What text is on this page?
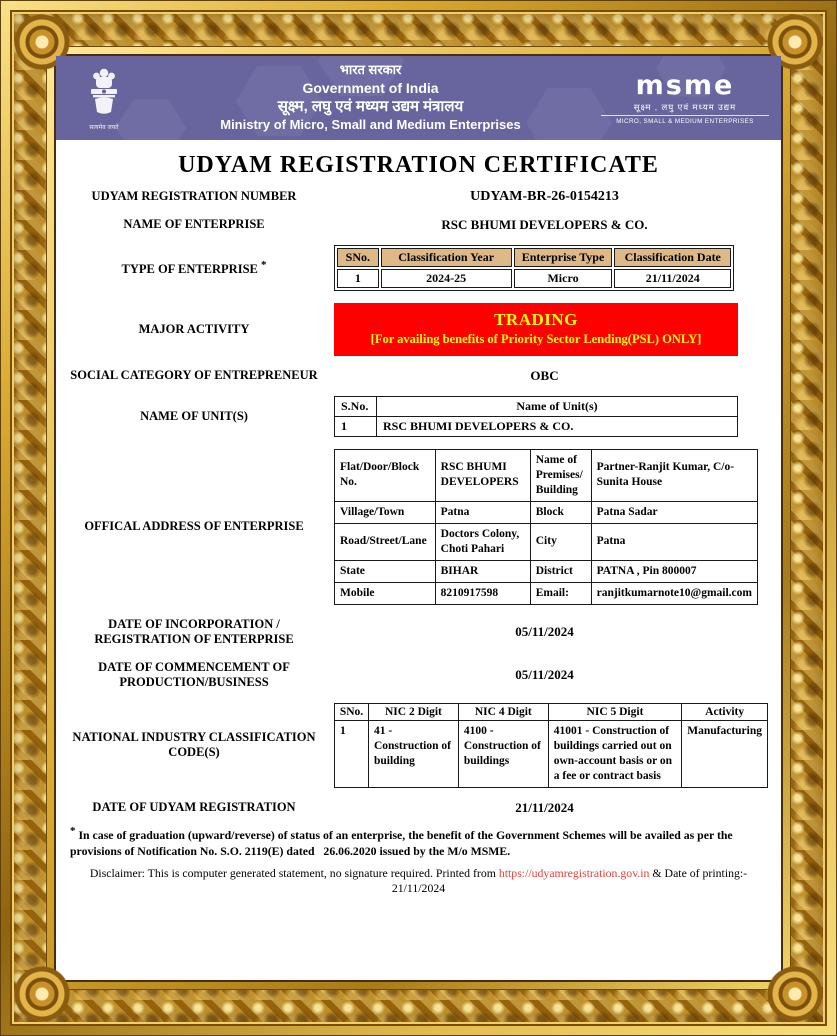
सत्यमेव जयते
भारत सरकार
Government of India
सूक्ष्म, लघु एवं मध्यम उद्यम मंत्रालय
Ministry of Micro, Small and Medium Enterprises
msme
सूक्ष्म , लघु एवं मध्यम उद्यम
MICRO, SMALL & MEDIUM ENTERPRISES
UDYAM REGISTRATION CERTIFICATE
UDYAM REGISTRATION NUMBER	UDYAM-BR-26-0154213
NAME OF ENTERPRISE	RSC BHUMI DEVELOPERS & CO.
TYPE OF ENTERPRISE *
SNo.	Classification Year	Enterprise Type	Classification Date
1	2024-25	Micro	21/11/2024
MAJOR ACTIVITY	TRADING
[For availing benefits of Priority Sector Lending(PSL) ONLY]
SOCIAL CATEGORY OF ENTREPRENEUR	OBC
NAME OF UNIT(S)
S.No.	Name of Unit(s)
1	RSC BHUMI DEVELOPERS & CO.
OFFICAL ADDRESS OF ENTERPRISE
Flat/Door/Block No.	RSC BHUMI DEVELOPERS	Name of Premises/ Building	Partner-Ranjit Kumar, C/o-Sunita House
Village/Town	Patna	Block	Patna Sadar
Road/Street/Lane	Doctors Colony, Choti Pahari	City	Patna
State	BIHAR	District	PATNA , Pin 800007
Mobile	8210917598	Email:	ranjitkumarnote10@gmail.com
DATE OF INCORPORATION / REGISTRATION OF ENTERPRISE	05/11/2024
DATE OF COMMENCEMENT OF PRODUCTION/BUSINESS	05/11/2024
NATIONAL INDUSTRY CLASSIFICATION CODE(S)
SNo.	NIC 2 Digit	NIC 4 Digit	NIC 5 Digit	Activity
1	41 - Construction of building	4100 - Construction of buildings	41001 - Construction of buildings carried out on own-account basis or on a fee or contract basis	Manufacturing
DATE OF UDYAM REGISTRATION	21/11/2024
* In case of graduation (upward/reverse) of status of an enterprise, the benefit of the Government Schemes will be availed as per the provisions of Notification No. S.O. 2119(E) dated   26.06.2020 issued by the M/o MSME.
Disclaimer: This is computer generated statement, no signature required. Printed from https://udyamregistration.gov.in & Date of printing:-
21/11/2024
